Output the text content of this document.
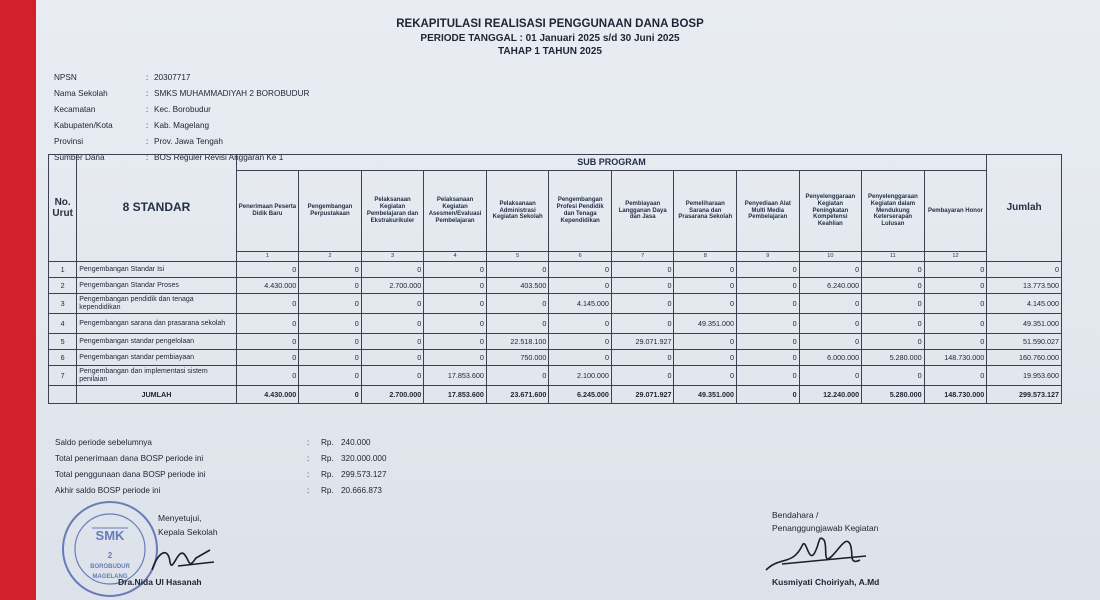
REKAPITULASI REALISASI PENGGUNAAN DANA BOSP
PERIODE TANGGAL : 01 Januari 2025 s/d 30 Juni 2025
TAHAP 1 TAHUN 2025
NPSN	: 20307717
Nama Sekolah	: SMKS MUHAMMADIYAH 2 BOROBUDUR
Kecamatan	: Kec. Borobudur
Kabupaten/Kota	: Kab. Magelang
Provinsi	: Prov. Jawa Tengah
Sumber Dana	: BOS Reguler Revisi Anggaran Ke 1
No. Urut	8 STANDAR	SUB PROGRAM												Jumlah
		Penerimaan Peserta Didik Baru	Pengembangan Perpustakaan	Pelaksanaan Kegiatan Pembelajaran dan Ekstrakurikuler	Pelaksanaan Kegiatan Asesmen/Evaluasi Pembelajaran	Pelaksanaan Administrasi Kegiatan Sekolah	Pengembangan Profesi Pendidik dan Tenaga Kependidikan	Pembiayaan Langganan Daya dan Jasa	Pemeliharaan Sarana dan Prasarana Sekolah	Penyediaan Alat Multi Media Pembelajaran	Penyelenggaraan Kegiatan Peningkatan Kompetensi Keahlian	Penyelenggaraan Kegiatan dalam Mendukung Keterserapan Lulusan	Pembayaran Honor	
		1	2	3	4	5	6	7	8	9	10	11	12	
1	Pengembangan Standar Isi	0	0	0	0	0	0	0	0	0	0	0	0	0
2	Pengembangan Standar Proses	4.430.000	0	2.700.000	0	403.500	0	0	0	0	6.240.000	0	0	13.773.500
3	Pengembangan pendidik dan tenaga kependidikan	0	0	0	0	0	4.145.000	0	0	0	0	0	0	4.145.000
4	Pengembangan sarana dan prasarana sekolah	0	0	0	0	0	0	0	49.351.000	0	0	0	0	49.351.000
5	Pengembangan standar pengelolaan	0	0	0	0	22.518.100	0	29.071.927	0	0	0	0	0	51.590.027
6	Pengembangan standar pembiayaan	0	0	0	0	750.000	0	0	0	0	6.000.000	5.280.000	148.730.000	160.760.000
7	Pengembangan dan implementasi sistem penilaian	0	0	0	17.853.600	0	2.100.000	0	0	0	0	0	0	19.953.600
	JUMLAH	4.430.000	0	2.700.000	17.853.600	23.671.600	6.245.000	29.071.927	49.351.000	0	12.240.000	5.280.000	148.730.000	299.573.127
Saldo periode sebelumnya	:	Rp. 240.000
Total penerimaan dana BOSP periode ini	:	Rp. 320.000.000
Total penggunaan dana BOSP periode ini	:	Rp. 299.573.127
Akhir saldo BOSP periode ini	:	Rp. 20.666.873
SMK
2
BOROBUDUR
MAGELANG
Menyetujui,
Kepala Sekolah
Dra.Nida Ul Hasanah
Bendahara /
Penanggungjawab Kegiatan
Kusmiyati Choiriyah, A.Md
